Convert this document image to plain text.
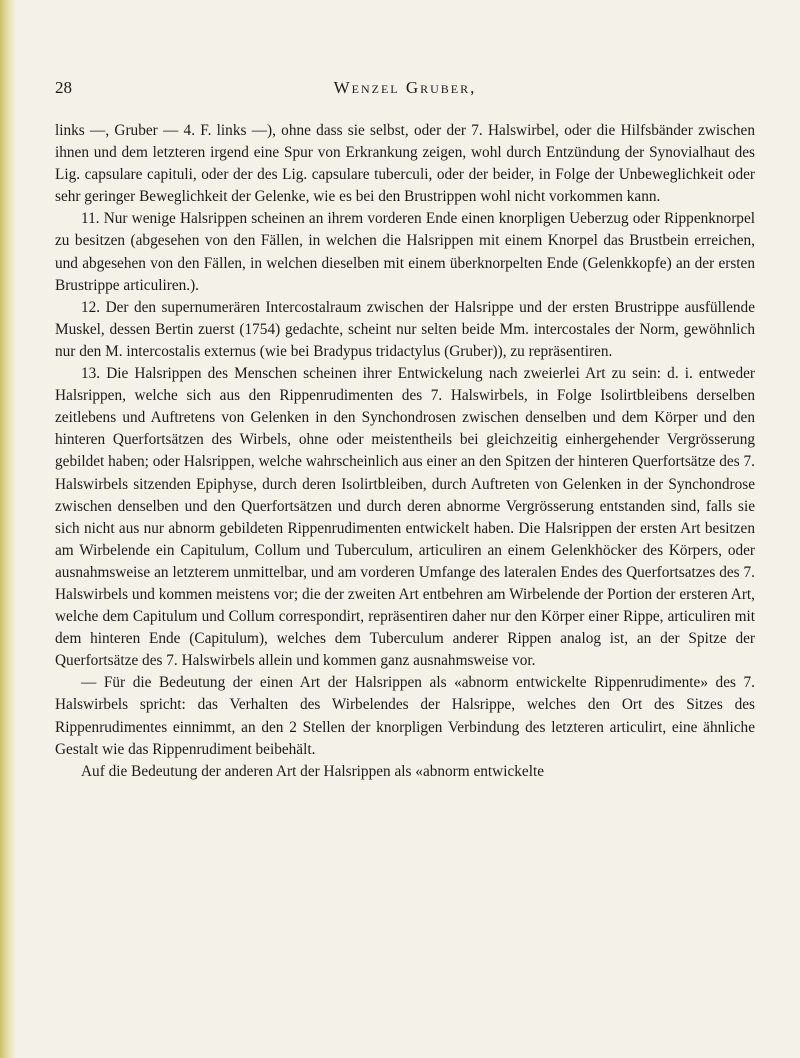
28	Wenzel Gruber,

links —, Gruber — 4. F. links —), ohne dass sie selbst, oder der 7. Halswirbel, oder die Hilfsbänder zwischen ihnen und dem letzteren irgend eine Spur von Erkrankung zeigen, wohl durch Entzündung der Synovialhaut des Lig. capsulare capituli, oder der des Lig. capsulare tuberculi, oder der beider, in Folge der Unbeweglichkeit oder sehr geringer Beweglichkeit der Gelenke, wie es bei den Brustrippen wohl nicht vorkommen kann.

11. Nur wenige Halsrippen scheinen an ihrem vorderen Ende einen knorpligen Ueberzug oder Rippenknorpel zu besitzen (abgesehen von den Fällen, in welchen die Halsrippen mit einem Knorpel das Brustbein erreichen, und abgesehen von den Fällen, in welchen dieselben mit einem überknorpelten Ende (Gelenkkopfe) an der ersten Brustrippe articuliren.).

12. Der den supernumerären Intercostalraum zwischen der Halsrippe und der ersten Brustrippe ausfüllende Muskel, dessen Bertin zuerst (1754) gedachte, scheint nur selten beide Mm. intercostales der Norm, gewöhnlich nur den M. intercostalis externus (wie bei Bradypus tridactylus (Gruber)), zu repräsentiren.

13. Die Halsrippen des Menschen scheinen ihrer Entwickelung nach zweierlei Art zu sein: d. i. entweder Halsrippen, welche sich aus den Rippenrudimenten des 7. Halswirbels, in Folge Isolirtbleibens derselben zeitlebens und Auftretens von Gelenken in den Synchondrosen zwischen denselben und dem Körper und den hinteren Querfortsätzen des Wirbels, ohne oder meistentheils bei gleichzeitig einhergehender Vergrösserung gebildet haben; oder Halsrippen, welche wahrscheinlich aus einer an den Spitzen der hinteren Querfortsätze des 7. Halswirbels sitzenden Epiphyse, durch deren Isolirtbleiben, durch Auftreten von Gelenken in der Synchondrose zwischen denselben und den Querfortsätzen und durch deren abnorme Vergrösserung entstanden sind, falls sie sich nicht aus nur abnorm gebildeten Rippenrudimenten entwickelt haben. Die Halsrippen der ersten Art besitzen am Wirbelende ein Capitulum, Collum und Tuberculum, articuliren an einem Gelenkhöcker des Körpers, oder ausnahmsweise an letzterem unmittelbar, und am vorderen Umfange des lateralen Endes des Querfortsatzes des 7. Halswirbels und kommen meistens vor; die der zweiten Art entbehren am Wirbelende der Portion der ersteren Art, welche dem Capitulum und Collum correspondirt, repräsentiren daher nur den Körper einer Rippe, articuliren mit dem hinteren Ende (Capitulum), welches dem Tuberculum anderer Rippen analog ist, an der Spitze der Querfortsätze des 7. Halswirbels allein und kommen ganz ausnahmsweise vor.

— Für die Bedeutung der einen Art der Halsrippen als «abnorm entwickelte Rippenrudimente» des 7. Halswirbels spricht: das Verhalten des Wirbelendes der Halsrippe, welches den Ort des Sitzes des Rippenrudimentes einnimmt, an den 2 Stellen der knorpligen Verbindung des letzteren articulirt, eine ähnliche Gestalt wie das Rippenrudiment beibehält.

Auf die Bedeutung der anderen Art der Halsrippen als «abnorm entwickelte
